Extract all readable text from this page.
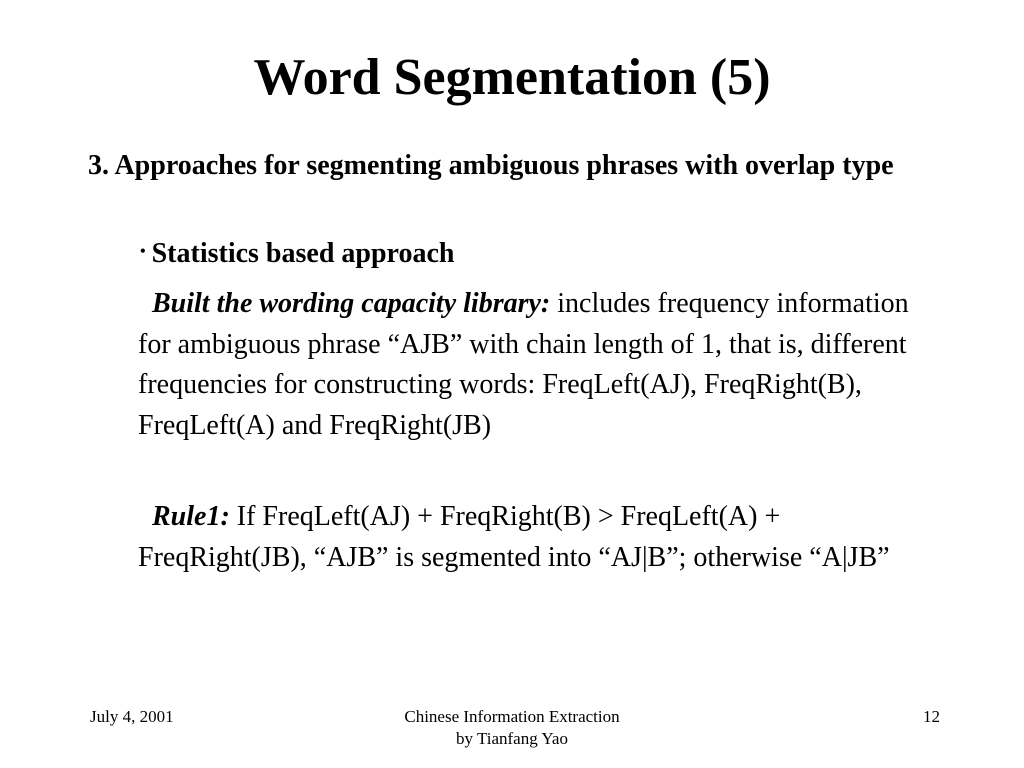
Word Segmentation (5)
3. Approaches for segmenting ambiguous phrases with overlap type
• Statistics based approach
Built the wording capacity library: includes frequency information for ambiguous phrase “AJB” with chain length of 1, that is, different frequencies for constructing words: FreqLeft(AJ), FreqRight(B), FreqLeft(A) and FreqRight(JB)
Rule1: If FreqLeft(AJ) + FreqRight(B) > FreqLeft(A) + FreqRight(JB), “AJB” is segmented into “AJ|B”; otherwise “A|JB”
July 4, 2001	Chinese Information Extraction
by Tianfang Yao
12
